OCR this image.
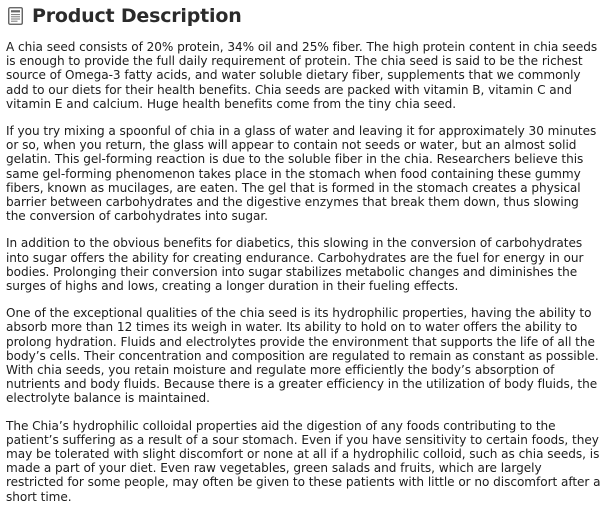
Product Description

A chia seed consists of 20% protein, 34% oil and 25% fiber. The high protein content in chia seeds is enough to provide the full daily requirement of protein. The chia seed is said to be the richest source of Omega-3 fatty acids, and water soluble dietary fiber, supplements that we commonly add to our diets for their health benefits. Chia seeds are packed with vitamin B, vitamin C and vitamin E and calcium. Huge health benefits come from the tiny chia seed.

If you try mixing a spoonful of chia in a glass of water and leaving it for approximately 30 minutes or so, when you return, the glass will appear to contain not seeds or water, but an almost solid gelatin. This gel-forming reaction is due to the soluble fiber in the chia. Researchers believe this same gel-forming phenomenon takes place in the stomach when food containing these gummy fibers, known as mucilages, are eaten. The gel that is formed in the stomach creates a physical barrier between carbohydrates and the digestive enzymes that break them down, thus slowing the conversion of carbohydrates into sugar.

In addition to the obvious benefits for diabetics, this slowing in the conversion of carbohydrates into sugar offers the ability for creating endurance. Carbohydrates are the fuel for energy in our bodies. Prolonging their conversion into sugar stabilizes metabolic changes and diminishes the surges of highs and lows, creating a longer duration in their fueling effects.

One of the exceptional qualities of the chia seed is its hydrophilic properties, having the ability to absorb more than 12 times its weigh in water. Its ability to hold on to water offers the ability to prolong hydration. Fluids and electrolytes provide the environment that supports the life of all the body’s cells. Their concentration and composition are regulated to remain as constant as possible. With chia seeds, you retain moisture and regulate more efficiently the body’s absorption of nutrients and body fluids. Because there is a greater efficiency in the utilization of body fluids, the electrolyte balance is maintained.

The Chia’s hydrophilic colloidal properties aid the digestion of any foods contributing to the patient’s suffering as a result of a sour stomach. Even if you have sensitivity to certain foods, they may be tolerated with slight discomfort or none at all if a hydrophilic colloid, such as chia seeds, is made a part of your diet. Even raw vegetables, green salads and fruits, which are largely restricted for some people, may often be given to these patients with little or no discomfort after a short time.
